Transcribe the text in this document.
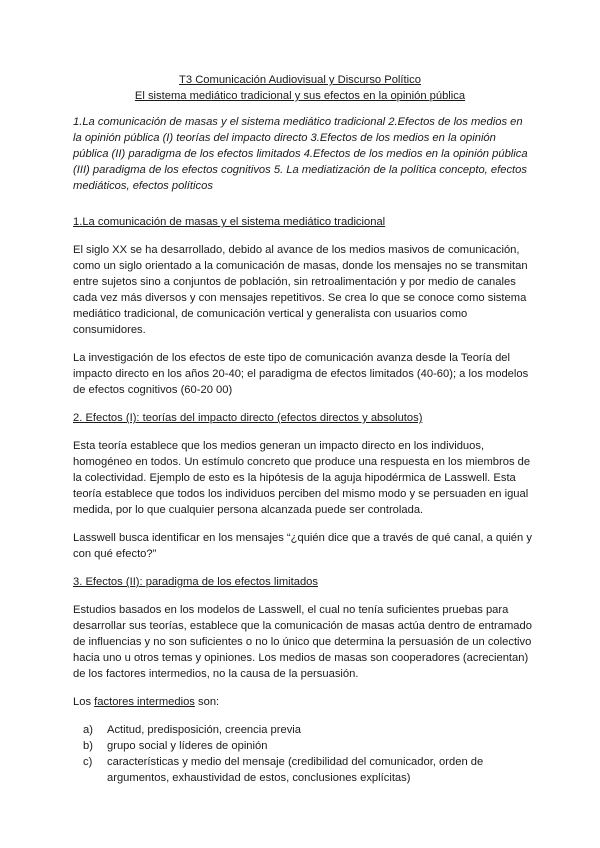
T3 Comunicación Audiovisual y Discurso Político
El sistema mediático tradicional y sus efectos en la opinión pública
1.La comunicación de masas y el sistema mediático tradicional 2.Efectos de los medios en la opinión pública (I) teorías del impacto directo 3.Efectos de los medios en la opinión pública (II) paradigma de los efectos limitados 4.Efectos de los medios en la opinión pública (III) paradigma de los efectos cognitivos 5. La mediatización de la política concepto, efectos mediáticos, efectos políticos
1.La comunicación de masas y el sistema mediático tradicional

El siglo XX se ha desarrollado, debido al avance de los medios masivos de comunicación, como un siglo orientado a la comunicación de masas, donde los mensajes no se transmitan entre sujetos sino a conjuntos de población, sin retroalimentación y por medio de canales cada vez más diversos y con mensajes repetitivos. Se crea lo que se conoce como sistema mediático tradicional, de comunicación vertical y generalista con usuarios como consumidores.

La investigación de los efectos de este tipo de comunicación avanza desde la Teoría del impacto directo en los años 20-40; el paradigma de efectos limitados (40-60); a los modelos de efectos cognitivos (60-20 00)

2. Efectos (I): teorías del impacto directo (efectos directos y absolutos)

Esta teoría establece que los medios generan un impacto directo en los individuos, homogéneo en todos. Un estímulo concreto que produce una respuesta en los miembros de la colectividad. Ejemplo de esto es la hipótesis de la aguja hipodérmica de Lasswell. Esta teoría establece que todos los individuos perciben del mismo modo y se persuaden en igual medida, por lo que cualquier persona alcanzada puede ser controlada.

Lasswell busca identificar en los mensajes “¿quién dice que a través de qué canal, a quién y con qué efecto?”

3. Efectos (II): paradigma de los efectos limitados

Estudios basados en los modelos de Lasswell, el cual no tenía suficientes pruebas para desarrollar sus teorías, establece que la comunicación de masas actúa dentro de entramado de influencias y no son suficientes o no lo único que determina la persuasión de un colectivo hacia uno u otros temas y opiniones. Los medios de masas son cooperadores (acrecientan) de los factores intermedios, no la causa de la persuasión.

Los factores intermedios son:

a) Actitud, predisposición, creencia previa
b) grupo social y líderes de opinión
c) características y medio del mensaje (credibilidad del comunicador, orden de argumentos, exhaustividad de estos, conclusiones explícitas)
